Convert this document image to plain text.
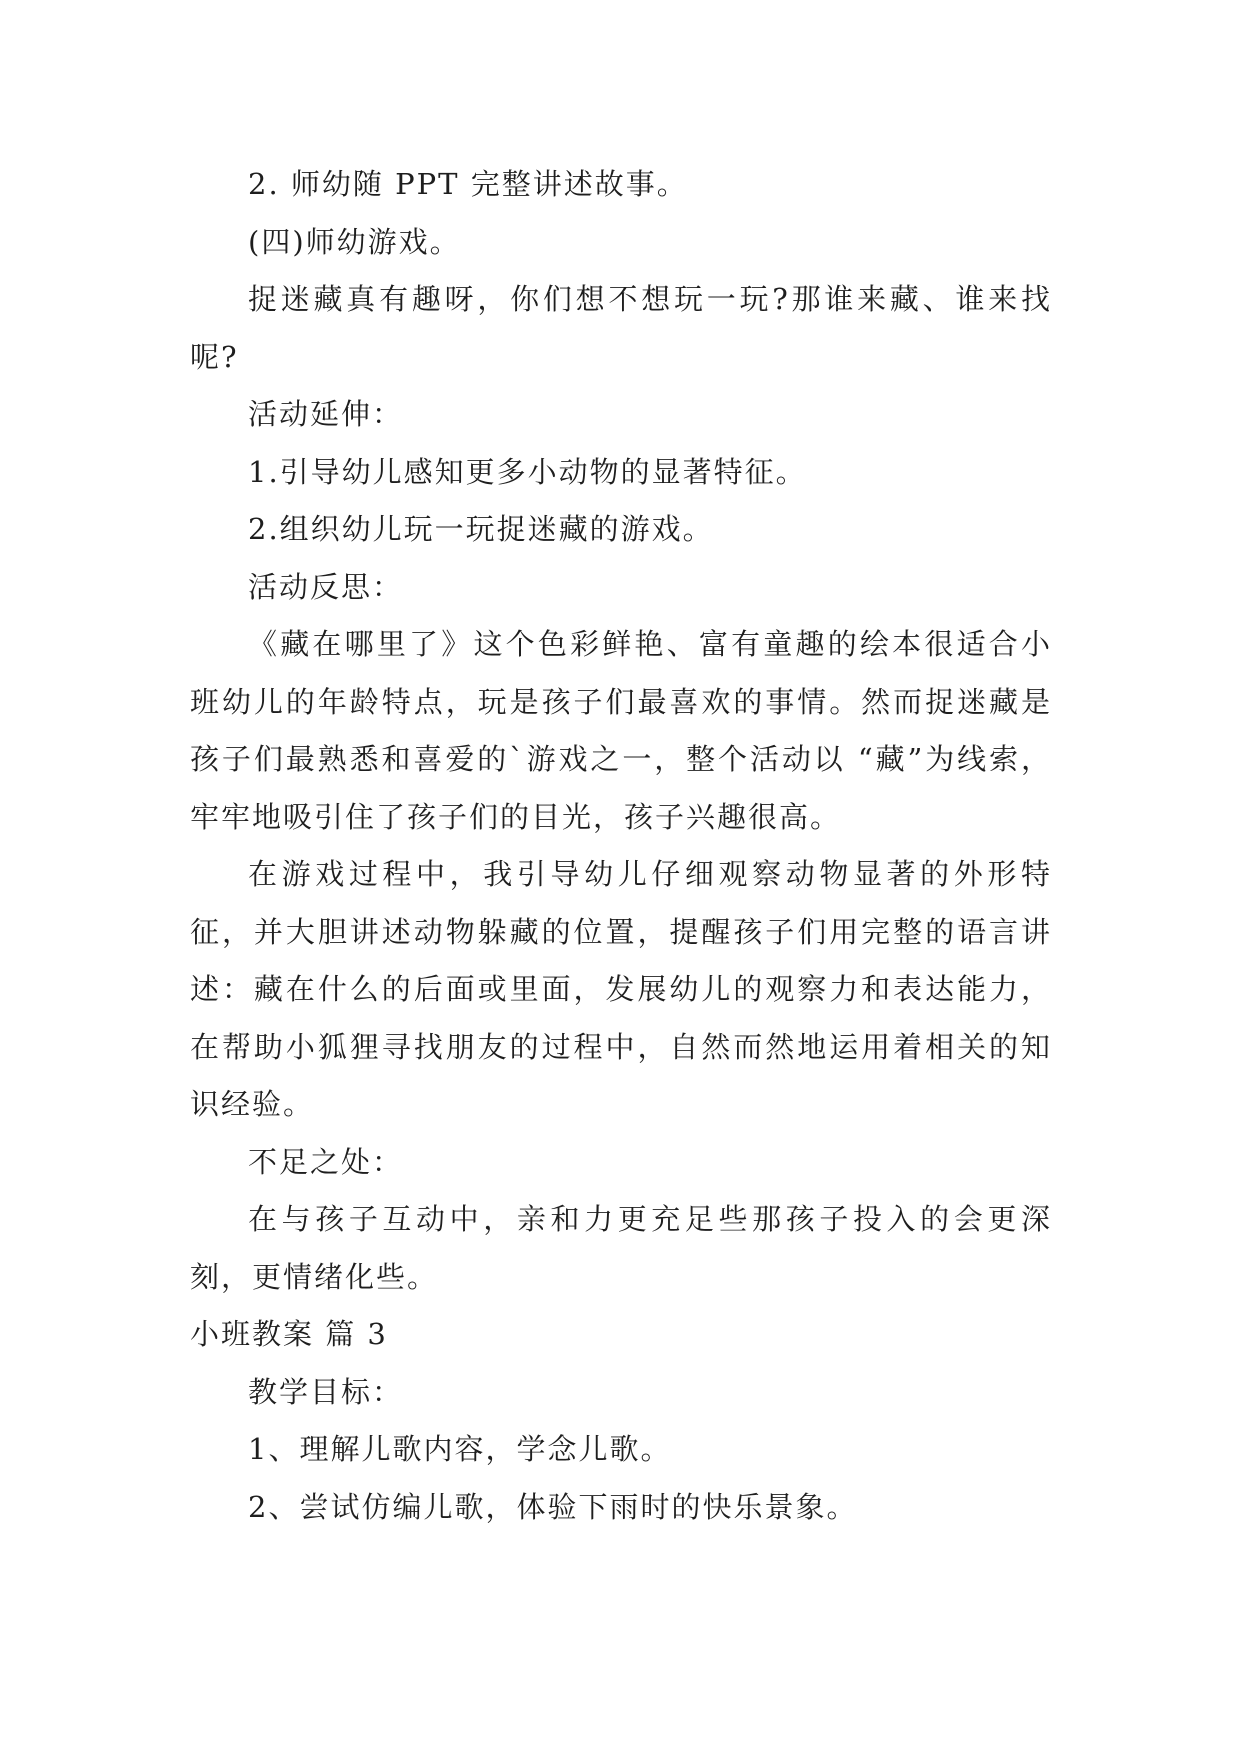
2. 师幼随 PPT 完整讲述故事。

(四)师幼游戏。

捉迷藏真有趣呀，你们想不想玩一玩?那谁来藏、谁来找呢?

活动延伸：

1.引导幼儿感知更多小动物的显著特征。

2.组织幼儿玩一玩捉迷藏的游戏。

活动反思：

《藏在哪里了》这个色彩鲜艳、富有童趣的绘本很适合小班幼儿的年龄特点，玩是孩子们最喜欢的事情。然而捉迷藏是孩子们最熟悉和喜爱的`游戏之一，整个活动以 “藏”为线索，牢牢地吸引住了孩子们的目光，孩子兴趣很高。

在游戏过程中，我引导幼儿仔细观察动物显著的外形特征，并大胆讲述动物躲藏的位置，提醒孩子们用完整的语言讲述：藏在什么的后面或里面，发展幼儿的观察力和表达能力，在帮助小狐狸寻找朋友的过程中，自然而然地运用着相关的知识经验。

不足之处：

在与孩子互动中，亲和力更充足些那孩子投入的会更深刻，更情绪化些。

小班教案 篇 3

教学目标：

1、理解儿歌内容，学念儿歌。

2、尝试仿编儿歌，体验下雨时的快乐景象。
